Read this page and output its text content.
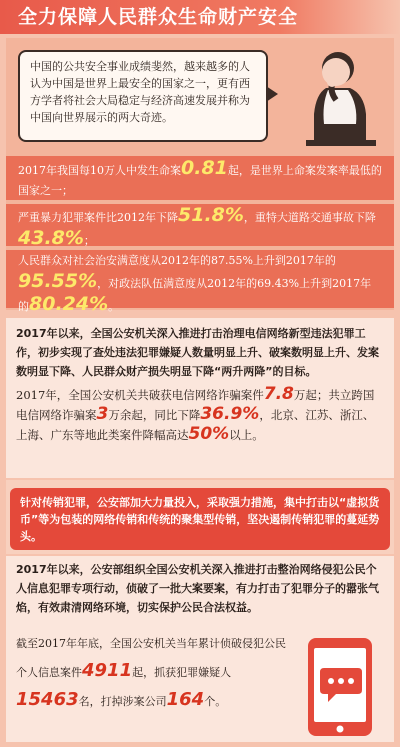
全力保障人民群众生命财产安全
中国的公共安全事业成绩斐然，越来越多的人认为中国是世界上最安全的国家之一，更有西方学者将社会大局稳定与经济高速发展并称为中国向世界展示的两大奇迹。
2017年我国每10万人中发生命案0.81起，是世界上命案发案率最低的国家之一；
严重暴力犯罪案件比2012年下降51.8%，重特大道路交通事故下降43.8%；
人民群众对社会治安满意度从2012年的87.55%上升到2017年的95.55%，对政法队伍满意度从2012年的69.43%上升到2017年的80.24%。
2017年以来，全国公安机关深入推进打击治理电信网络新型违法犯罪工作，初步实现了查处违法犯罪嫌疑人数量明显上升、破案数明显上升、发案数明显下降、人民群众财产损失明显下降“两升两降”的目标。
2017年，全国公安机关共破获电信网络诈骗案件7.8万起；共立跨国电信网络诈骗案3万余起，同比下降36.9%，北京、江苏、浙江、上海、广东等地此类案件降幅高达50%以上。
针对传销犯罪，公安部加大力量投入，采取强力措施，集中打击以“虚拟货币”等为包装的网络传销和传统的聚集型传销，坚决遏制传销犯罪的蔓延势头。
2017年以来，公安部组织全国公安机关深入推进打击整治网络侵犯公民个人信息犯罪专项行动，侦破了一批大案要案，有力打击了犯罪分子的嚣张气焰，有效肃清网络环境，切实保护公民合法权益。
截至2017年年底，全国公安机关当年累计侦破侵犯公民个人信息案件4911起，抓获犯罪嫌疑人15463名，打掉涉案公司164个。
